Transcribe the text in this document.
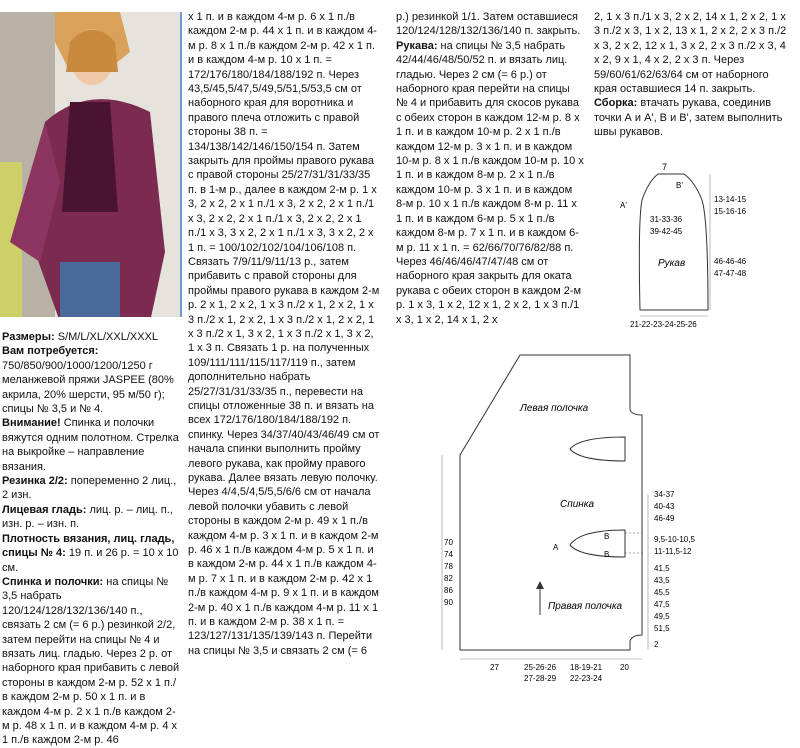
Размеры: S/M/L/XL/XXL/XXXL
Вам потребуется: 750/850/900/1000/1200/1250 г меланжевой пряжи JASPEE (80% акрила, 20% шерсти, 95 м/50 г); спицы № 3,5 и № 4.
Внимание! Спинка и полочки вяжутся одним полотном. Стрелка на выкройке – направление вязания.
Резинка 2/2: попеременно 2 лиц., 2 изн.
Лицевая гладь: лиц. р. – лиц. п., изн. р. – изн. п.
Плотность вязания, лиц. гладь, спицы № 4: 19 п. и 26 р. = 10 х 10 см.
Спинка и полочки: на спицы № 3,5 набрать 120/124/128/132/136/140 п., связать 2 см (= 6 р.) резинкой 2/2, затем перейти на спицы № 4 и вязать лиц. гладью. Через 2 р. от наборного края прибавить с левой стороны в каждом 2-м р. 52 х 1 п./в каждом 2-м р. 50 х 1 п. и в каждом 4-м р. 2 х 1 п./в каждом 2-м р. 48 х 1 п. и в каждом 4-м р. 4 х 1 п./в каждом 2-м р. 46
х 1 п. и в каждом 4-м р. 6 х 1 п./в каждом 2-м р. 44 х 1 п. и в каждом 4-м р. 8 х 1 п./в каждом 2-м р. 42 х 1 п. и в каждом 4-м р. 10 х 1 п. = 172/176/180/184/188/192 п. Через 43,5/45,5/47,5/49,5/51,5/53,5 см от наборного края для воротника и правого плеча отложить с правой стороны 38 п. = 134/138/142/146/150/154 п. Затем закрыть для проймы правого рукава с правой стороны 25/27/31/31/33/35 п. в 1-м р., далее в каждом 2-м р. 1 х 3, 2 х 2, 2 х 1 п./1 х 3, 2 х 2, 2 х 1 п./1 х 3, 2 х 2, 2 х 1 п./1 х 3, 2 х 2, 2 х 1 п./1 х 3, 3 х 2, 2 х 1 п./1 х 3, 3 х 2, 2 х 1 п. = 100/102/102/104/106/108 п. Связать 7/9/11/9/11/13 р., затем прибавить с правой стороны для проймы правого рукава в каждом 2-м р. 2 х 1, 2 х 2, 1 х 3 п./2 х 1, 2 х 2, 1 х 3 п./2 х 1, 2 х 2, 1 х 3 п./2 х 1, 2 х 2, 1 х 3 п./2 х 1, 3 х 2, 1 х 3 п./2 х 1, 3 х 2, 1 х 3 п. Связать 1 р. на полученных 109/111/111/115/117/119 п., затем дополнительно набрать 25/27/31/31/33/35 п., перевести на спицы отложенные 38 п. и вязать на всех 172/176/180/184/188/192 п. спинку. Через 34/37/40/43/46/49 см от начала спинки выполнить пройму левого рукава, как пройму правого рукава. Далее вязать левую полочку. Через 4/4,5/4,5/5,5/6/6 см от начала левой полочки убавить с левой стороны в каждом 2-м р. 49 х 1 п./в каждом 4-м р. 3 х 1 п. и в каждом 2-м р. 46 х 1 п./в каждом 4-м р. 5 х 1 п. и в каждом 2-м р. 44 х 1 п./в каждом 4-м р. 7 х 1 п. и в каждом 2-м р. 42 х 1 п./в каждом 4-м р. 9 х 1 п. и в каждом 2-м р. 40 х 1 п./в каждом 4-м р. 11 х 1 п. и в каждом 2-м р. 38 х 1 п. = 123/127/131/135/139/143 п. Перейти на спицы № 3,5 и связать 2 см (= 6
р.) резинкой 1/1. Затем оставшиеся 120/124/128/132/136/140 п. закрыть.
Рукава: на спицы № 3,5 набрать 42/44/46/48/50/52 п. и вязать лиц. гладью. Через 2 см (= 6 р.) от наборного края перейти на спицы № 4 и прибавить для скосов рукава с обеих сторон в каждом 12-м р. 8 х 1 п. и в каждом 10-м р. 2 х 1 п./в каждом 12-м р. 3 х 1 п. и в каждом 10-м р. 8 х 1 п./в каждом 10-м р. 10 х 1 п. и в каждом 8-м р. 2 х 1 п./в каждом 10-м р. 3 х 1 п. и в каждом 8-м р. 10 х 1 п./в каждом 8-м р. 11 х 1 п. и в каждом 6-м р. 5 х 1 п./в каждом 8-м р. 7 х 1 п. и в каждом 6-м р. 11 х 1 п. = 62/66/70/76/82/88 п. Через 46/46/46/47/47/48 см от наборного края закрыть для оката рукава с обеих сторон в каждом 2-м р. 1 х 3, 1 х 2, 12 х 1, 2 х 2, 1 х 3 п./1 х 3, 1 х 2, 14 х 1, 2 х
2, 1 х 3 п./1 х 3, 2 х 2, 14 х 1, 2 х 2, 1 х 3 п./2 х 3, 1 х 2, 13 х 1, 2 х 2, 2 х 3 п./2 х 3, 2 х 2, 12 х 1, 3 х 2, 2 х 3 п./2 х 3, 4 х 2, 9 х 1, 4 х 2, 2 х 3 п. Через 59/60/61/62/63/64 см от наборного края оставшиеся 14 п. закрыть.
Сборка: втачать рукава, соединив точки А и А', В и В', затем выполнить швы рукавов.
7
B'
A'
31-33-36
39-42-45
Рукав
13-14-15
15-16-16
46-46-46
47-47-48
21-22-23-24-25-26
Левая полочка
Спинка
Правая полочка
A
B
B
70
74
78
82
86
90
34-37
40-43
46-49
9,5-10-10,5
11-11,5-12
41,5
43,5
45,5
47,5
49,5
51,5
2
27	25-26-26
27-28-29
18-19-21
22-23-24
20
